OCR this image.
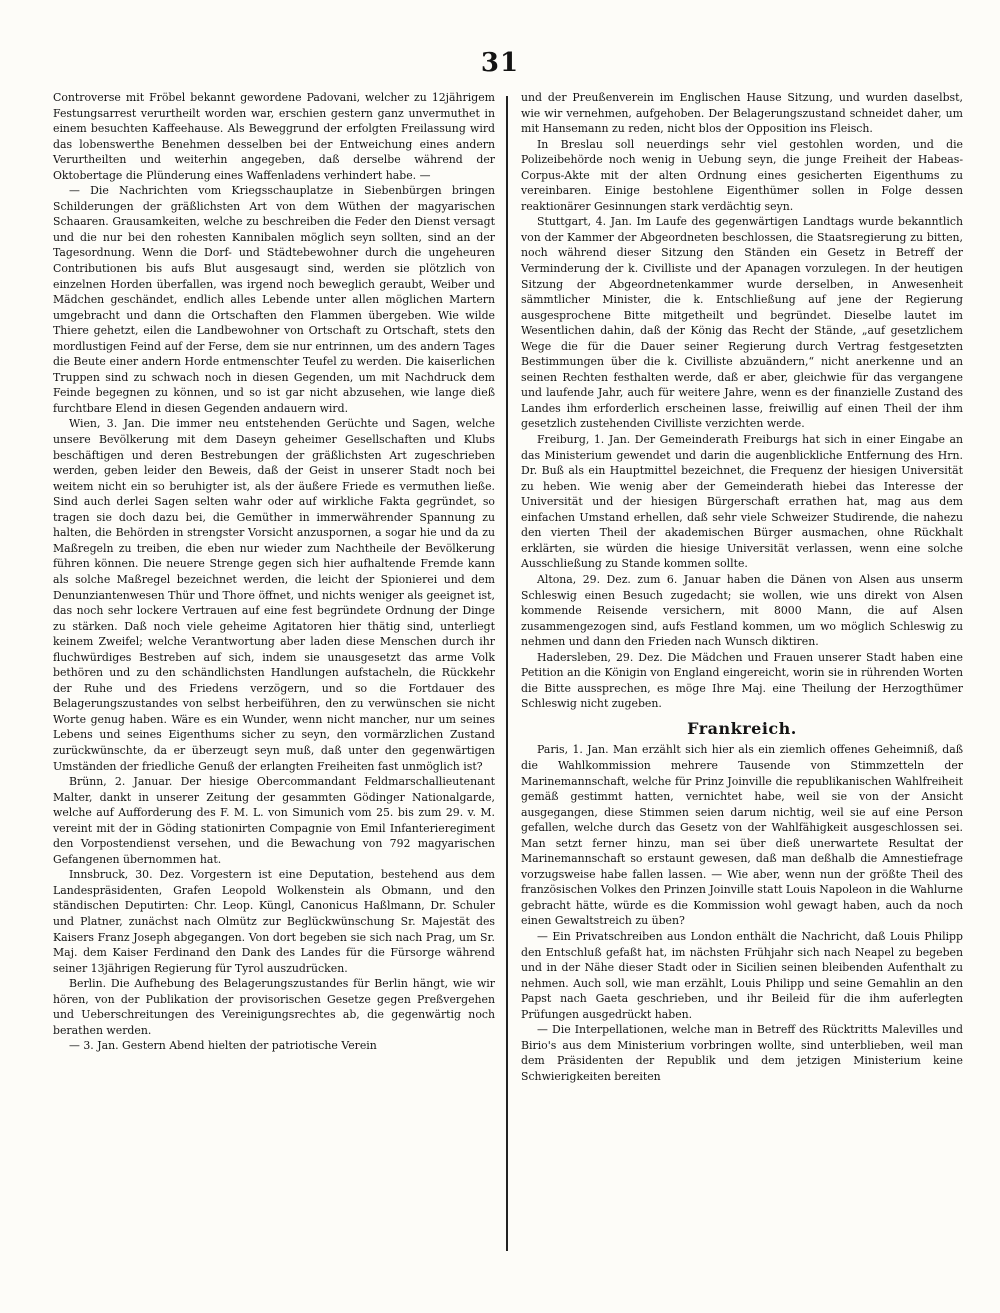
31

Controverse mit Fröbel bekannt gewordene Padovani, welcher zu 12jährigem Festungsarrest verurtheilt worden war, erschien gestern ganz unvermuthet in einem besuchten Kaffeehause. Als Beweggrund der erfolgten Freilassung wird das lobenswerthe Benehmen desselben bei der Entweichung eines andern Verurtheilten und weiterhin angegeben, daß derselbe während der Oktobertage die Plünderung eines Waffenladens verhindert habe. —

— Die Nachrichten vom Kriegsschauplatze in Siebenbürgen bringen Schilderungen der gräßlichsten Art von dem Wüthen der magyarischen Schaaren. Grausamkeiten, welche zu beschreiben die Feder den Dienst versagt und die nur bei den rohesten Kannibalen möglich seyn sollten, sind an der Tagesordnung. Wenn die Dorf- und Städtebewohner durch die ungeheuren Contributionen bis aufs Blut ausgesaugt sind, werden sie plötzlich von einzelnen Horden überfallen, was irgend noch beweglich geraubt, Weiber und Mädchen geschändet, endlich alles Lebende unter allen möglichen Martern umgebracht und dann die Ortschaften den Flammen übergeben. Wie wilde Thiere gehetzt, eilen die Landbewohner von Ortschaft zu Ortschaft, stets den mordlustigen Feind auf der Ferse, dem sie nur entrinnen, um des andern Tages die Beute einer andern Horde entmenschter Teufel zu werden. Die kaiserlichen Truppen sind zu schwach noch in diesen Gegenden, um mit Nachdruck dem Feinde begegnen zu können, und so ist gar nicht abzusehen, wie lange dieß furchtbare Elend in diesen Gegenden andauern wird.

Wien, 3. Jan. Die immer neu entstehenden Gerüchte und Sagen, welche unsere Bevölkerung mit dem Daseyn geheimer Gesellschaften und Klubs beschäftigen und deren Bestrebungen der gräßlichsten Art zugeschrieben werden, geben leider den Beweis, daß der Geist in unserer Stadt noch bei weitem nicht ein so beruhigter ist, als der äußere Friede es vermuthen ließe. Sind auch derlei Sagen selten wahr oder auf wirkliche Fakta gegründet, so tragen sie doch dazu bei, die Gemüther in immerwährender Spannung zu halten, die Behörden in strengster Vorsicht anzuspornen, a sogar hie und da zu Maßregeln zu treiben, die eben nur wieder zum Nachtheile der Bevölkerung führen können. Die neuere Strenge gegen sich hier aufhaltende Fremde kann als solche Maßregel bezeichnet werden, die leicht der Spionierei und dem Denunziantenwesen Thür und Thore öffnet, und nichts weniger als geeignet ist, das noch sehr lockere Vertrauen auf eine fest begründete Ordnung der Dinge zu stärken. Daß noch viele geheime Agitatoren hier thätig sind, unterliegt keinem Zweifel; welche Verantwortung aber laden diese Menschen durch ihr fluchwürdiges Bestreben auf sich, indem sie unausgesetzt das arme Volk bethören und zu den schändlichsten Handlungen aufstacheln, die Rückkehr der Ruhe und des Friedens verzögern, und so die Fortdauer des Belagerungszustandes von selbst herbeiführen, den zu verwünschen sie nicht Worte genug haben. Wäre es ein Wunder, wenn nicht mancher, nur um seines Lebens und seines Eigenthums sicher zu seyn, den vormärzlichen Zustand zurückwünschte, da er überzeugt seyn muß, daß unter den gegenwärtigen Umständen der friedliche Genuß der erlangten Freiheiten fast unmöglich ist?

Brünn, 2. Januar. Der hiesige Obercommandant Feldmarschallieutenant Malter, dankt in unserer Zeitung der gesammten Gödinger Nationalgarde, welche auf Aufforderung des F. M. L. von Simunich vom 25. bis zum 29. v. M. vereint mit der in Göding stationirten Compagnie von Emil Infanterieregiment den Vorpostendienst versehen, und die Bewachung von 792 magyarischen Gefangenen übernommen hat.

Innsbruck, 30. Dez. Vorgestern ist eine Deputation, bestehend aus dem Landespräsidenten, Grafen Leopold Wolkenstein als Obmann, und den ständischen Deputirten: Chr. Leop. Küngl, Canonicus Haßlmann, Dr. Schuler und Platner, zunächst nach Olmütz zur Beglückwünschung Sr. Majestät des Kaisers Franz Joseph abgegangen. Von dort begeben sie sich nach Prag, um Sr. Maj. dem Kaiser Ferdinand den Dank des Landes für die Fürsorge während seiner 13jährigen Regierung für Tyrol auszudrücken.

Berlin. Die Aufhebung des Belagerungszustandes für Berlin hängt, wie wir hören, von der Publikation der provisorischen Gesetze gegen Preßvergehen und Ueberschreitungen des Vereinigungsrechtes ab, die gegenwärtig noch berathen werden.

— 3. Jan. Gestern Abend hielten der patriotische Verein

und der Preußenverein im Englischen Hause Sitzung, und wurden daselbst, wie wir vernehmen, aufgehoben. Der Belagerungszustand schneidet daher, um mit Hansemann zu reden, nicht blos der Opposition ins Fleisch.

In Breslau soll neuerdings sehr viel gestohlen worden, und die Polizeibehörde noch wenig in Uebung seyn, die junge Freiheit der Habeas-Corpus-Akte mit der alten Ordnung eines gesicherten Eigenthums zu vereinbaren. Einige bestohlene Eigenthümer sollen in Folge dessen reaktionärer Gesinnungen stark verdächtig seyn.

Stuttgart, 4. Jan. Im Laufe des gegenwärtigen Landtags wurde bekanntlich von der Kammer der Abgeordneten beschlossen, die Staatsregierung zu bitten, noch während dieser Sitzung den Ständen ein Gesetz in Betreff der Verminderung der k. Civilliste und der Apanagen vorzulegen. In der heutigen Sitzung der Abgeordnetenkammer wurde derselben, in Anwesenheit sämmtlicher Minister, die k. Entschließung auf jene der Regierung ausgesprochene Bitte mitgetheilt und begründet. Dieselbe lautet im Wesentlichen dahin, daß der König das Recht der Stände, „auf gesetzlichem Wege die für die Dauer seiner Regierung durch Vertrag festgesetzten Bestimmungen über die k. Civilliste abzuändern,“ nicht anerkenne und an seinen Rechten festhalten werde, daß er aber, gleichwie für das vergangene und laufende Jahr, auch für weitere Jahre, wenn es der finanzielle Zustand des Landes ihm erforderlich erscheinen lasse, freiwillig auf einen Theil der ihm gesetzlich zustehenden Civilliste verzichten werde.

Freiburg, 1. Jan. Der Gemeinderath Freiburgs hat sich in einer Eingabe an das Ministerium gewendet und darin die augenblickliche Entfernung des Hrn. Dr. Buß als ein Hauptmittel bezeichnet, die Frequenz der hiesigen Universität zu heben. Wie wenig aber der Gemeinderath hiebei das Interesse der Universität und der hiesigen Bürgerschaft errathen hat, mag aus dem einfachen Umstand erhellen, daß sehr viele Schweizer Studirende, die nahezu den vierten Theil der akademischen Bürger ausmachen, ohne Rückhalt erklärten, sie würden die hiesige Universität verlassen, wenn eine solche Ausschließung zu Stande kommen sollte.

Altona, 29. Dez. zum 6. Januar haben die Dänen von Alsen aus unserm Schleswig einen Besuch zugedacht; sie wollen, wie uns direkt von Alsen kommende Reisende versichern, mit 8000 Mann, die auf Alsen zusammengezogen sind, aufs Festland kommen, um wo möglich Schleswig zu nehmen und dann den Frieden nach Wunsch diktiren.

Hadersleben, 29. Dez. Die Mädchen und Frauen unserer Stadt haben eine Petition an die Königin von England eingereicht, worin sie in rührenden Worten die Bitte aussprechen, es möge Ihre Maj. eine Theilung der Herzogthümer Schleswig nicht zugeben.

Frankreich.

Paris, 1. Jan. Man erzählt sich hier als ein ziemlich offenes Geheimniß, daß die Wahlkommission mehrere Tausende von Stimmzetteln der Marinemannschaft, welche für Prinz Joinville die republikanischen Wahlfreiheit gemäß gestimmt hatten, vernichtet habe, weil sie von der Ansicht ausgegangen, diese Stimmen seien darum nichtig, weil sie auf eine Person gefallen, welche durch das Gesetz von der Wahlfähigkeit ausgeschlossen sei. Man setzt ferner hinzu, man sei über dieß unerwartete Resultat der Marinemannschaft so erstaunt gewesen, daß man deßhalb die Amnestiefrage vorzugsweise habe fallen lassen. — Wie aber, wenn nun der größte Theil des französischen Volkes den Prinzen Joinville statt Louis Napoleon in die Wahlurne gebracht hätte, würde es die Kommission wohl gewagt haben, auch da noch einen Gewaltstreich zu üben?

— Ein Privatschreiben aus London enthält die Nachricht, daß Louis Philipp den Entschluß gefaßt hat, im nächsten Frühjahr sich nach Neapel zu begeben und in der Nähe dieser Stadt oder in Sicilien seinen bleibenden Aufenthalt zu nehmen. Auch soll, wie man erzählt, Louis Philipp und seine Gemahlin an den Papst nach Gaeta geschrieben, und ihr Beileid für die ihm auferlegten Prüfungen ausgedrückt haben.

— Die Interpellationen, welche man in Betreff des Rücktritts Malevilles und Birio's aus dem Ministerium vorbringen wollte, sind unterblieben, weil man dem Präsidenten der Republik und dem jetzigen Ministerium keine Schwierigkeiten bereiten
